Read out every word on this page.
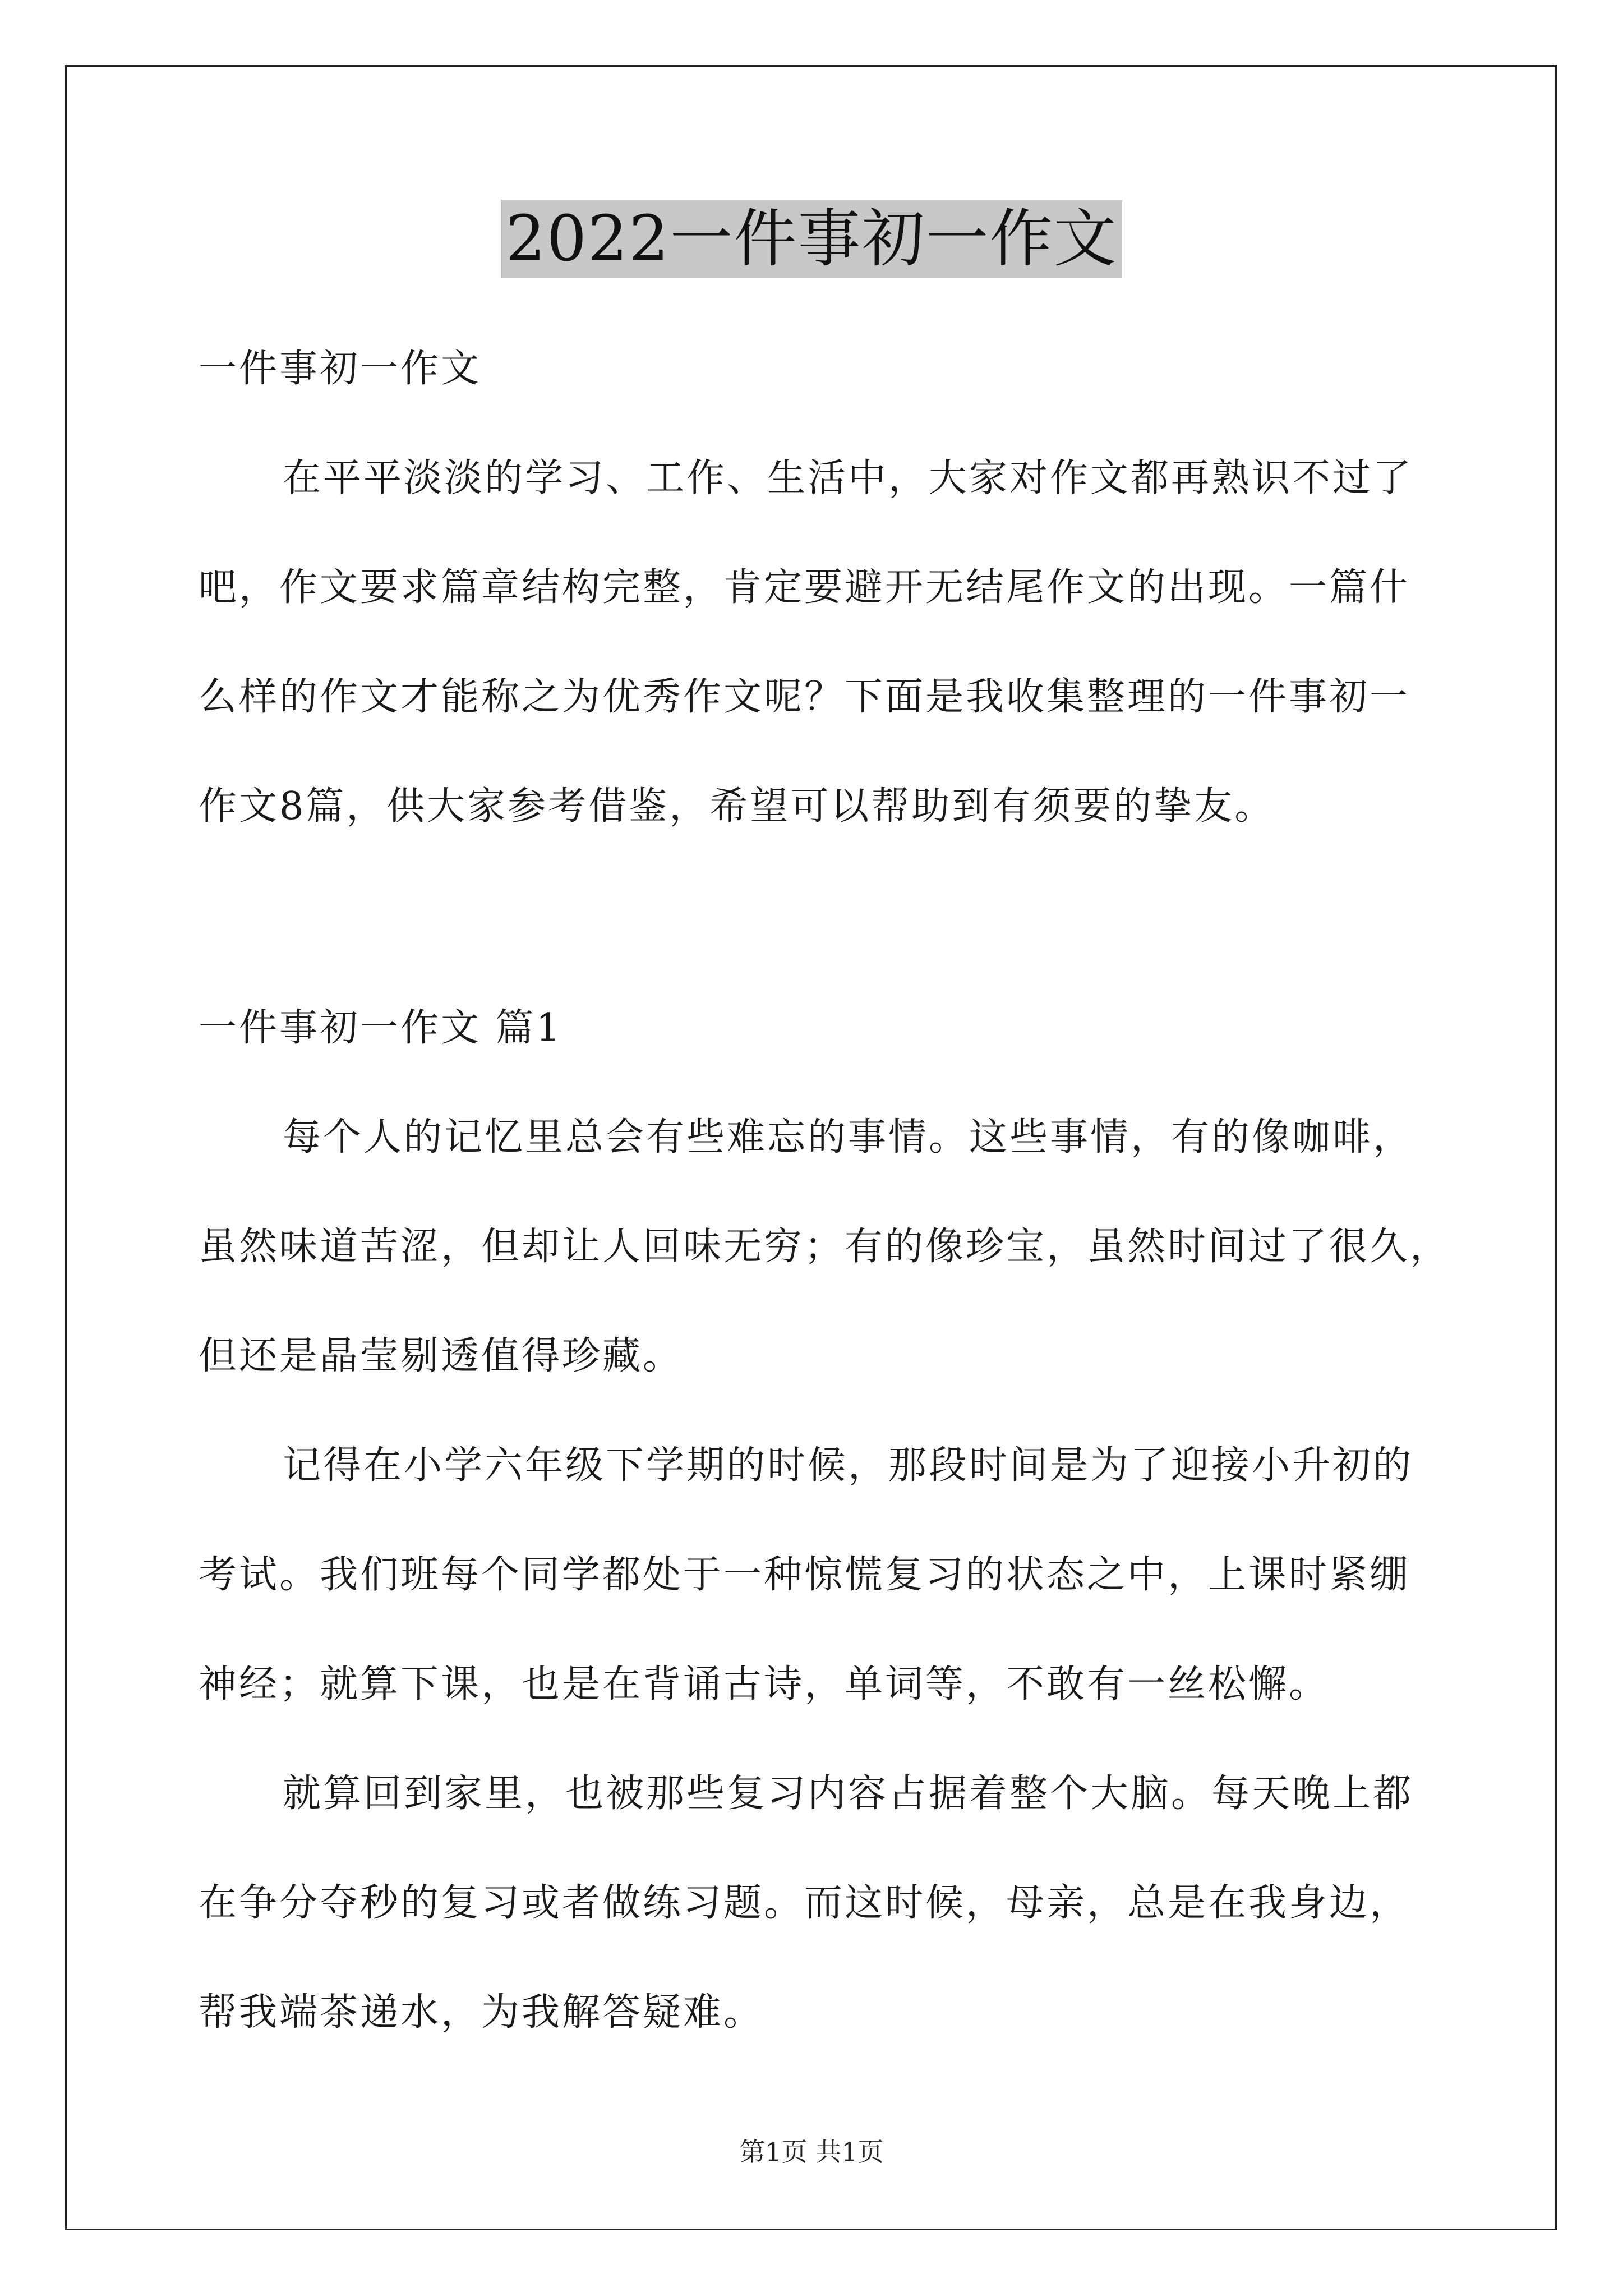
2022一件事初一作文
一件事初一作文
在平平淡淡的学习、工作、生活中，大家对作文都再熟识不过了
吧，作文要求篇章结构完整，肯定要避开无结尾作文的出现。一篇什
么样的作文才能称之为优秀作文呢？下面是我收集整理的一件事初一
作文8篇，供大家参考借鉴，希望可以帮助到有须要的挚友。
一件事初一作文 篇1
每个人的记忆里总会有些难忘的事情。这些事情，有的像咖啡，
虽然味道苦涩，但却让人回味无穷；有的像珍宝，虽然时间过了很久，
但还是晶莹剔透值得珍藏。
记得在小学六年级下学期的时候，那段时间是为了迎接小升初的
考试。我们班每个同学都处于一种惊慌复习的状态之中，上课时紧绷
神经；就算下课，也是在背诵古诗，单词等，不敢有一丝松懈。
就算回到家里，也被那些复习内容占据着整个大脑。每天晚上都
在争分夺秒的复习或者做练习题。而这时候，母亲，总是在我身边，
帮我端茶递水，为我解答疑难。
第1页 共1页
